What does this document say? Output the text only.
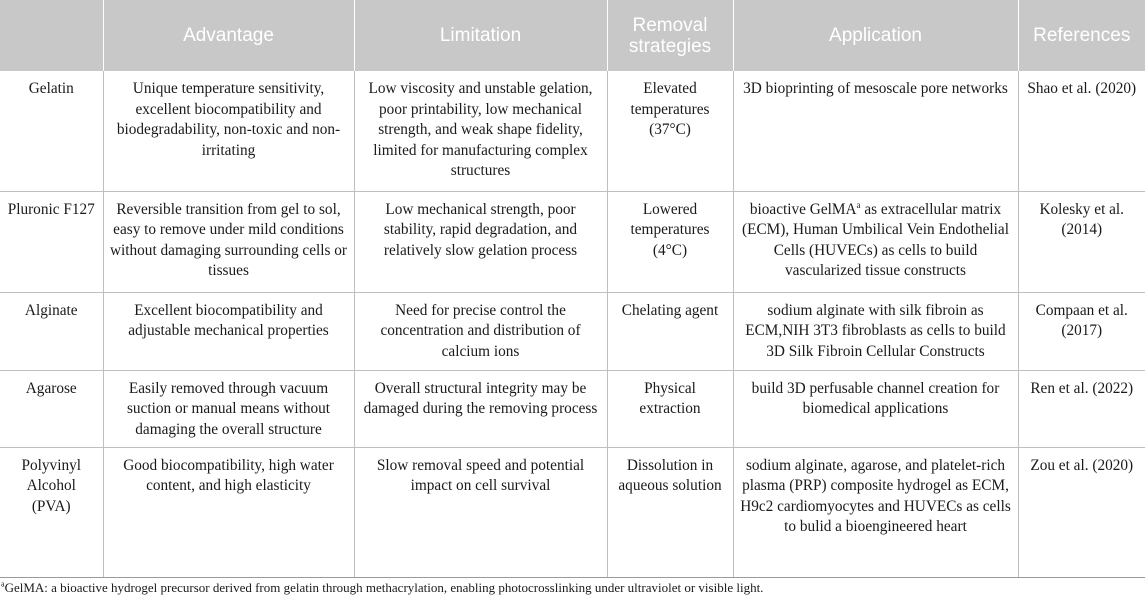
	Advantage	Limitation	Removal strategies	Application	References
Gelatin	Unique temperature sensitivity, excellent biocompatibility and biodegradability, non-toxic and non-irritating	Low viscosity and unstable gelation, poor printability, low mechanical strength, and weak shape fidelity, limited for manufacturing complex structures	Elevated temperatures (37°C)	3D bioprinting of mesoscale pore networks	Shao et al. (2020)
Pluronic F127	Reversible transition from gel to sol, easy to remove under mild conditions without damaging surrounding cells or tissues	Low mechanical strength, poor stability, rapid degradation, and relatively slow gelation process	Lowered temperatures (4°C)	bioactive GelMA$^a$ as extracellular matrix (ECM), Human Umbilical Vein Endothelial Cells (HUVECs) as cells to build vascularized tissue constructs	Kolesky et al. (2014)
Alginate	Excellent biocompatibility and adjustable mechanical properties	Need for precise control the concentration and distribution of calcium ions	Chelating agent	sodium alginate with silk fibroin as ECM,NIH 3T3 fibroblasts as cells to build 3D Silk Fibroin Cellular Constructs	Compaan et al. (2017)
Agarose	Easily removed through vacuum suction or manual means without damaging the overall structure	Overall structural integrity may be damaged during the removing process	Physical extraction	build 3D perfusable channel creation for biomedical applications	Ren et al. (2022)
Polyvinyl Alcohol (PVA)	Good biocompatibility, high water content, and high elasticity	Slow removal speed and potential impact on cell survival	Dissolution in aqueous solution	sodium alginate, agarose, and platelet-rich plasma (PRP) composite hydrogel as ECM, H9c2 cardiomyocytes and HUVECs as cells to bulid a bioengineered heart	Zou et al. (2020)
$^a$GelMA: a bioactive hydrogel precursor derived from gelatin through methacrylation, enabling photocrosslinking under ultraviolet or visible light.
